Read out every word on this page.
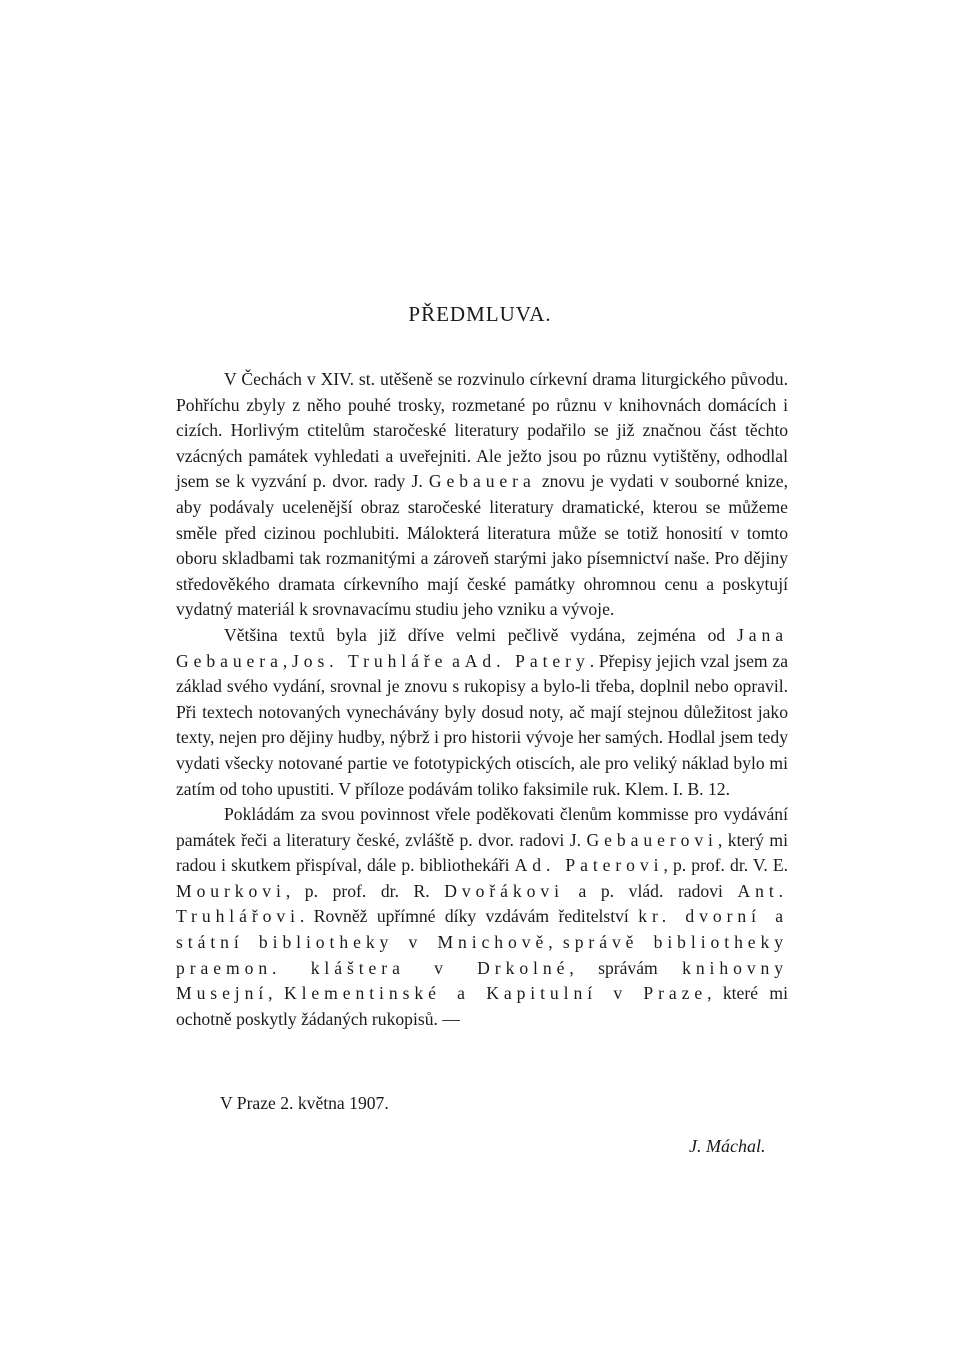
PŘEDMLUVA.

V Čechách v XIV. st. utěšeně se rozvinulo církevní drama liturgického původu. Pohříchu zbyly z něho pouhé trosky, rozmetané po různu v knihovnách domácích i cizích. Horlivým ctitelům staročeské literatury podařilo se již značnou část těchto vzácných památek vyhledati a uveřejniti. Ale ježto jsou po různu vytištěny, odhodlal jsem se k vyzvání p. dvor. rady J. Gebauera znovu je vydati v souborné knize, aby podávaly ucelenější obraz staročeské literatury dramatické, kterou se můžeme směle před cizinou pochlubiti. Málokterá literatura může se totiž honosití v tomto oboru skladbami tak rozmanitými a zároveň starými jako písemnictví naše. Pro dějiny středověkého dramata církevního mají české památky ohromnou cenu a poskytují vydatný materiál k srovnavacímu studiu jeho vzniku a vývoje.

Většina textů byla již dříve velmi pečlivě vydána, zejména od Jana Gebauera, Jos. Truhláře a Ad. Patery. Přepisy jejich vzal jsem za základ svého vydání, srovnal je znovu s rukopisy a bylo-li třeba, doplnil nebo opravil. Při textech notovaných vynechávány byly dosud noty, ač mají stejnou důležitost jako texty, nejen pro dějiny hudby, nýbrž i pro historii vývoje her samých. Hodlal jsem tedy vydati všecky notované partie ve fototypických otiscích, ale pro veliký náklad bylo mi zatím od toho upustiti. V příloze podávám toliko faksimile ruk. Klem. I. B. 12.

Pokládám za svou povinnost vřele poděkovati členům kommisse pro vydávání památek řeči a literatury české, zvláště p. dvor. radovi J. Gebauerovi, který mi radou i skutkem přispíval, dále p. bibliothekáři Ad. Paterovi, p. prof. dr. V. E. Mourkovi, p. prof. dr. R. Dvořákovi a p. vlád. radovi Ant. Truhlářovi. Rovněž upřímné díky vzdávám ředitelství kr. dvorní a státní bibliotheky v Mnichově, správě bibliotheky praemon. kláštera v Drkolné, správám knihovny Musejní, Klementinské a Kapitulní v Praze, které mi ochotně poskytly žádaných rukopisů. —

V Praze 2. května 1907.
J. Máchal.
